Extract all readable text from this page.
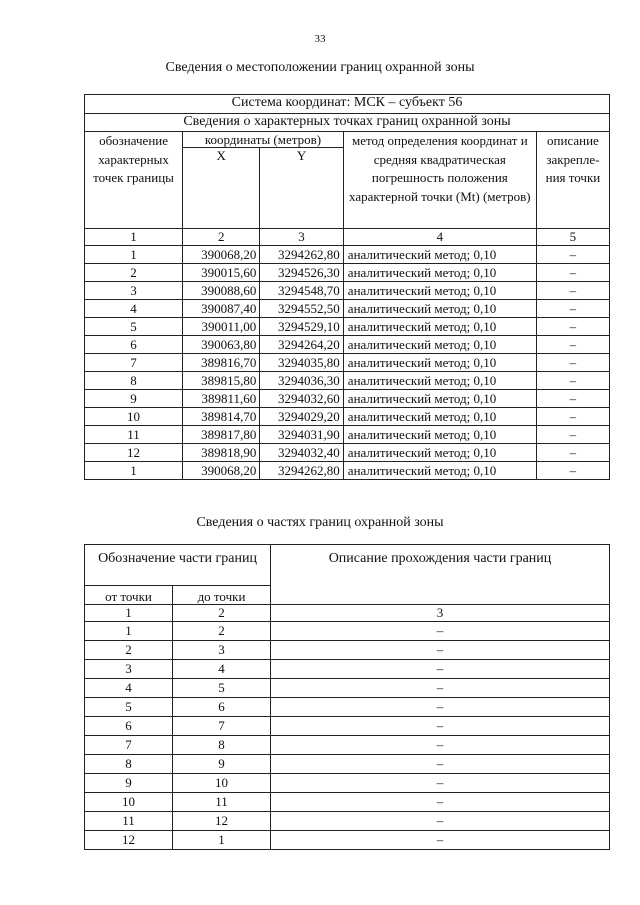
33
Сведения о местоположении границ охранной зоны
Система координат: МСК – субъект 56				
Сведения о характерных точках границ охранной зоны				
обозначение характерных точек границы	координаты (метров)		метод определения координат и средняя квадратическая погрешность положения характерной точки (Mt) (метров)	описание закрепле-ния точки
	X	Y		
1	2	3	4	5
1	390068,20	3294262,80	аналитический метод; 0,10	–
2	390015,60	3294526,30	аналитический метод; 0,10	–
3	390088,60	3294548,70	аналитический метод; 0,10	–
4	390087,40	3294552,50	аналитический метод; 0,10	–
5	390011,00	3294529,10	аналитический метод; 0,10	–
6	390063,80	3294264,20	аналитический метод; 0,10	–
7	389816,70	3294035,80	аналитический метод; 0,10	–
8	389815,80	3294036,30	аналитический метод; 0,10	–
9	389811,60	3294032,60	аналитический метод; 0,10	–
10	389814,70	3294029,20	аналитический метод; 0,10	–
11	389817,80	3294031,90	аналитический метод; 0,10	–
12	389818,90	3294032,40	аналитический метод; 0,10	–
1	390068,20	3294262,80	аналитический метод; 0,10	–
Сведения о частях границ охранной зоны
Обозначение части границ		Описание прохождения части границ
от точки	до точки	
1	2	3
1	2	–
2	3	–
3	4	–
4	5	–
5	6	–
6	7	–
7	8	–
8	9	–
9	10	–
10	11	–
11	12	–
12	1	–
